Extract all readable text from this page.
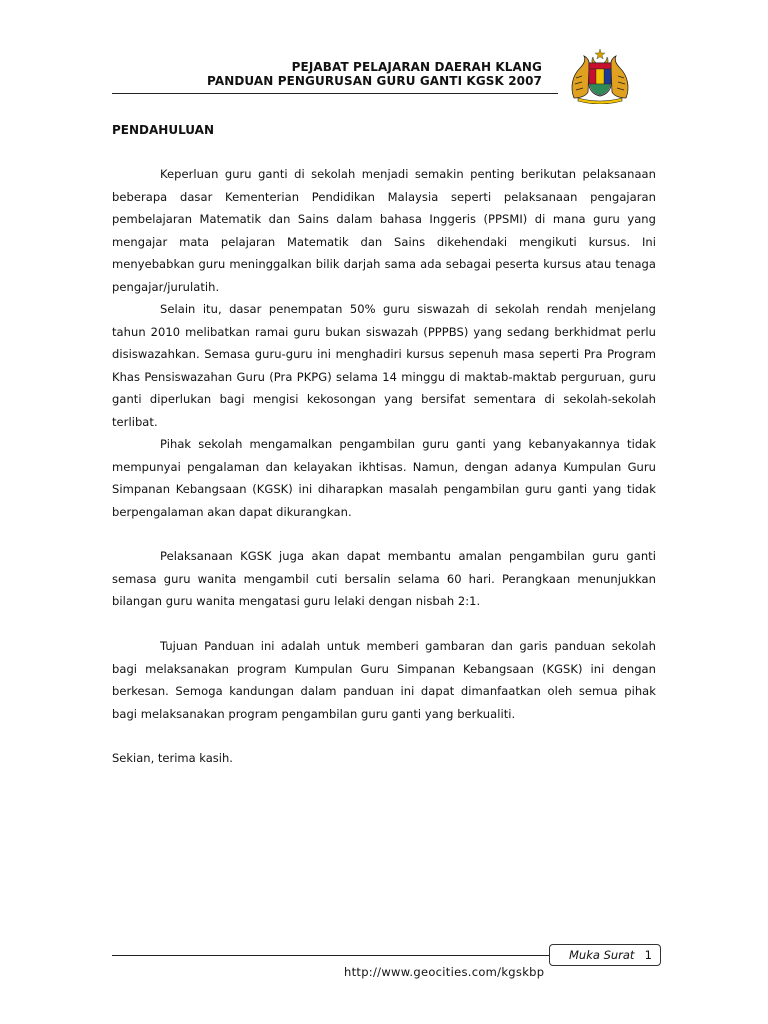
PEJABAT PELAJARAN DAERAH KLANG
PANDUAN PENGURUSAN GURU GANTI KGSK 2007
PENDAHULUAN

Keperluan guru ganti di sekolah menjadi semakin penting berikutan pelaksanaan beberapa dasar Kementerian Pendidikan Malaysia seperti pelaksanaan pengajaran pembelajaran Matematik dan Sains dalam bahasa Inggeris (PPSMI) di mana guru yang mengajar mata pelajaran Matematik dan Sains dikehendaki mengikuti kursus. Ini menyebabkan guru meninggalkan bilik darjah sama ada sebagai peserta kursus atau tenaga pengajar/jurulatih.

Selain itu, dasar penempatan 50% guru siswazah di sekolah rendah menjelang tahun 2010 melibatkan ramai guru bukan siswazah (PPPBS) yang sedang berkhidmat perlu disiswazahkan. Semasa guru-guru ini menghadiri kursus sepenuh masa seperti Pra Program Khas Pensiswazahan Guru (Pra PKPG) selama 14 minggu di maktab-maktab perguruan, guru ganti diperlukan bagi mengisi kekosongan yang bersifat sementara di sekolah-sekolah terlibat.

Pihak sekolah mengamalkan pengambilan guru ganti yang kebanyakannya tidak mempunyai pengalaman dan kelayakan ikhtisas. Namun, dengan adanya Kumpulan Guru Simpanan Kebangsaan (KGSK) ini diharapkan masalah pengambilan guru ganti yang tidak berpengalaman akan dapat dikurangkan.

Pelaksanaan KGSK juga akan dapat membantu amalan pengambilan guru ganti semasa guru wanita mengambil cuti bersalin selama 60 hari. Perangkaan menunjukkan bilangan guru wanita mengatasi guru lelaki dengan nisbah 2:1.

Tujuan Panduan ini adalah untuk memberi gambaran dan garis panduan sekolah bagi melaksanakan program Kumpulan Guru Simpanan Kebangsaan (KGSK) ini dengan berkesan. Semoga kandungan dalam panduan ini dapat dimanfaatkan oleh semua pihak bagi melaksanakan program pengambilan guru ganti yang berkualiti.

Sekian, terima kasih.

Muka Surat 1
http://www.geocities.com/kgskbp
